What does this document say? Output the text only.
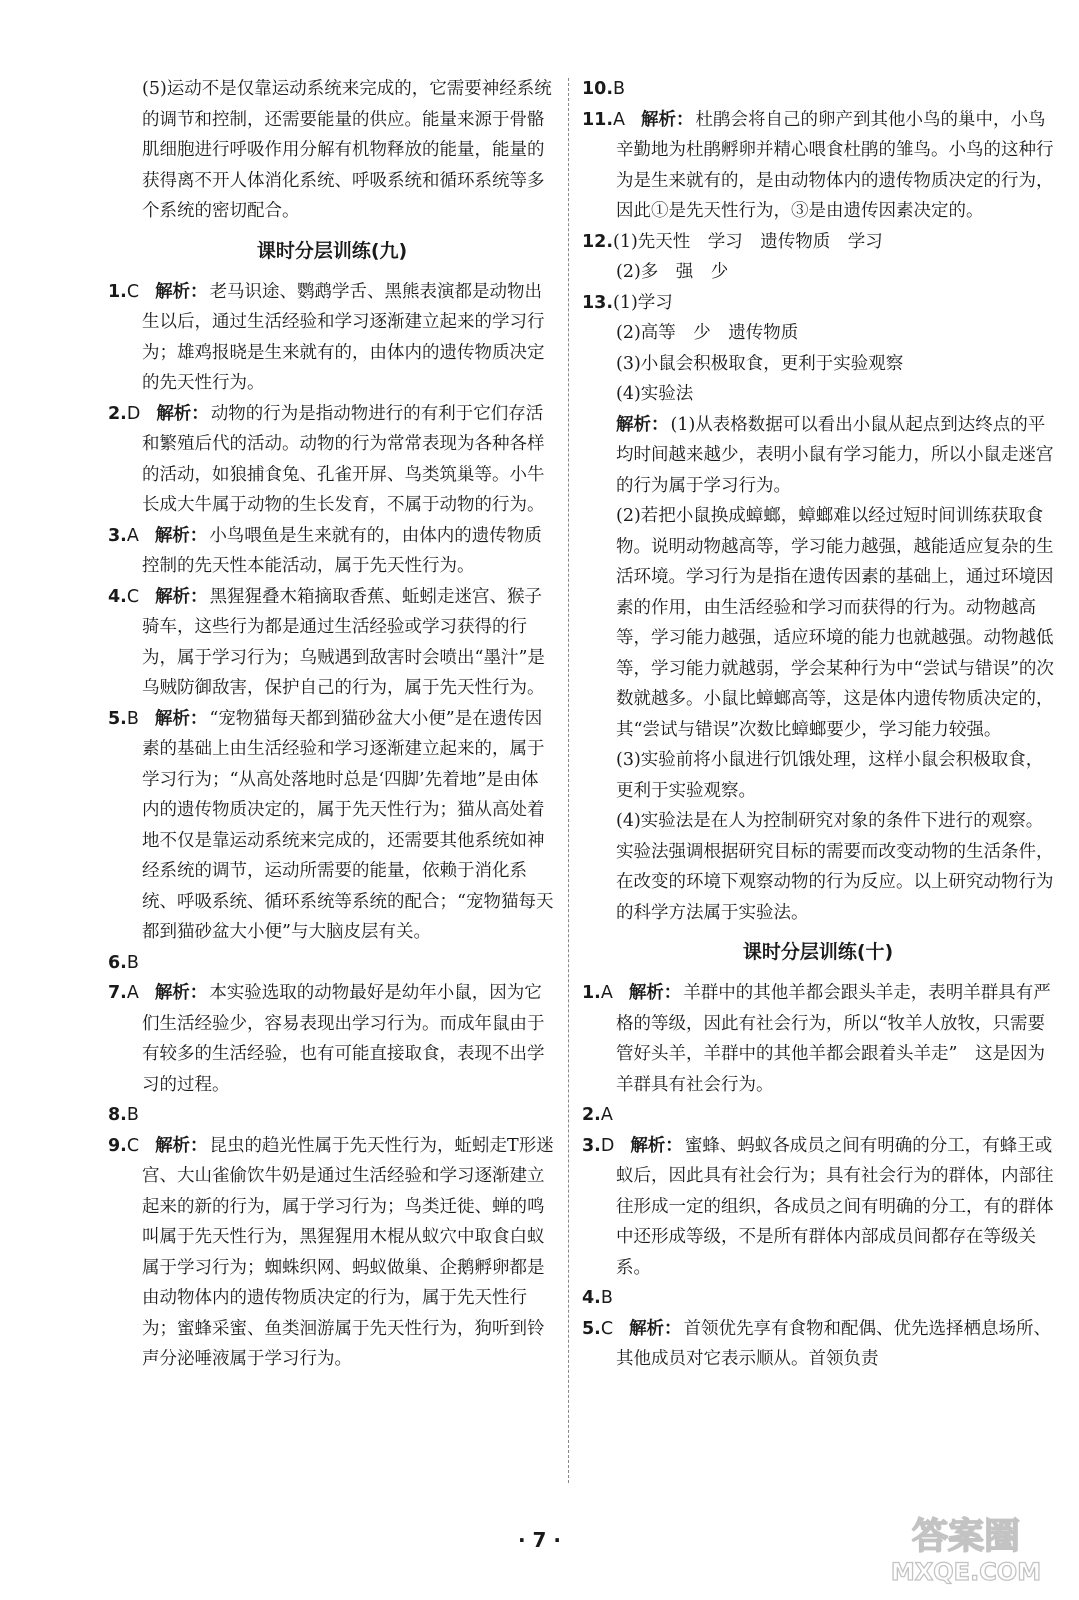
(5)运动不是仅靠运动系统来完成的，它需要神经系统的调节和控制，还需要能量的供应。能量来源于骨骼肌细胞进行呼吸作用分解有机物释放的能量，能量的获得离不开人体消化系统、呼吸系统和循环系统等多个系统的密切配合。

课时分层训练(九)

1.C 解析： 老马识途、鹦鹉学舌、黑熊表演都是动物出生以后，通过生活经验和学习逐渐建立起来的学习行为；雄鸡报晓是生来就有的，由体内的遗传物质决定的先天性行为。

2.D 解析： 动物的行为是指动物进行的有利于它们存活和繁殖后代的活动。动物的行为常常表现为各种各样的活动，如狼捕食兔、孔雀开屏、鸟类筑巢等。小牛长成大牛属于动物的生长发育，不属于动物的行为。

3.A 解析： 小鸟喂鱼是生来就有的，由体内的遗传物质控制的先天性本能活动，属于先天性行为。

4.C 解析： 黑猩猩叠木箱摘取香蕉、蚯蚓走迷宫、猴子骑车，这些行为都是通过生活经验或学习获得的行为，属于学习行为；乌贼遇到敌害时会喷出“墨汁”是乌贼防御敌害，保护自己的行为，属于先天性行为。

5.B 解析： “宠物猫每天都到猫砂盆大小便”是在遗传因素的基础上由生活经验和学习逐渐建立起来的，属于学习行为；“从高处落地时总是‘四脚’先着地”是由体内的遗传物质决定的，属于先天性行为；猫从高处着地不仅是靠运动系统来完成的，还需要其他系统如神经系统的调节，运动所需要的能量，依赖于消化系统、呼吸系统、循环系统等系统的配合；“宠物猫每天都到猫砂盆大小便”与大脑皮层有关。

6.B

7.A 解析： 本实验选取的动物最好是幼年小鼠，因为它们生活经验少，容易表现出学习行为。而成年鼠由于有较多的生活经验，也有可能直接取食，表现不出学习的过程。

8.B

9.C 解析： 昆虫的趋光性属于先天性行为，蚯蚓走T形迷宫、大山雀偷饮牛奶是通过生活经验和学习逐渐建立起来的新的行为，属于学习行为；鸟类迁徙、蝉的鸣叫属于先天性行为，黑猩猩用木棍从蚁穴中取食白蚁属于学习行为；蜘蛛织网、蚂蚁做巢、企鹅孵卵都是由动物体内的遗传物质决定的行为，属于先天性行为；蜜蜂采蜜、鱼类洄游属于先天性行为，狗听到铃声分泌唾液属于学习行为。

10.B

11.A 解析： 杜鹃会将自己的卵产到其他小鸟的巢中，小鸟辛勤地为杜鹃孵卵并精心喂食杜鹃的雏鸟。小鸟的这种行为是生来就有的，是由动物体内的遗传物质决定的行为，因此①是先天性行为，③是由遗传因素决定的。

12.(1)先天性　学习　遗传物质　学习

(2)多　强　少

13.(1)学习

(2)高等　少　遗传物质

(3)小鼠会积极取食，更利于实验观察

(4)实验法

解析： (1)从表格数据可以看出小鼠从起点到达终点的平均时间越来越少，表明小鼠有学习能力，所以小鼠走迷宫的行为属于学习行为。

(2)若把小鼠换成蟑螂，蟑螂难以经过短时间训练获取食物。说明动物越高等，学习能力越强，越能适应复杂的生活环境。学习行为是指在遗传因素的基础上，通过环境因素的作用，由生活经验和学习而获得的行为。动物越高等，学习能力越强，适应环境的能力也就越强。动物越低等，学习能力就越弱，学会某种行为中“尝试与错误”的次数就越多。小鼠比蟑螂高等，这是体内遗传物质决定的，其“尝试与错误”次数比蟑螂要少，学习能力较强。

(3)实验前将小鼠进行饥饿处理，这样小鼠会积极取食，更利于实验观察。

(4)实验法是在人为控制研究对象的条件下进行的观察。实验法强调根据研究目标的需要而改变动物的生活条件，在改变的环境下观察动物的行为反应。以上研究动物行为的科学方法属于实验法。

课时分层训练(十)

1.A 解析： 羊群中的其他羊都会跟头羊走，表明羊群具有严格的等级，因此有社会行为，所以“牧羊人放牧，只需要管好头羊，羊群中的其他羊都会跟着头羊走”　这是因为羊群具有社会行为。

2.A

3.D 解析： 蜜蜂、蚂蚁各成员之间有明确的分工，有蜂王或蚁后，因此具有社会行为；具有社会行为的群体，内部往往形成一定的组织，各成员之间有明确的分工，有的群体中还形成等级，不是所有群体内部成员间都存在等级关系。

4.B

5.C 解析： 首领优先享有食物和配偶、优先选择栖息场所、其他成员对它表示顺从。首领负责

· 7 ·	答案圈
MXQE.COM
